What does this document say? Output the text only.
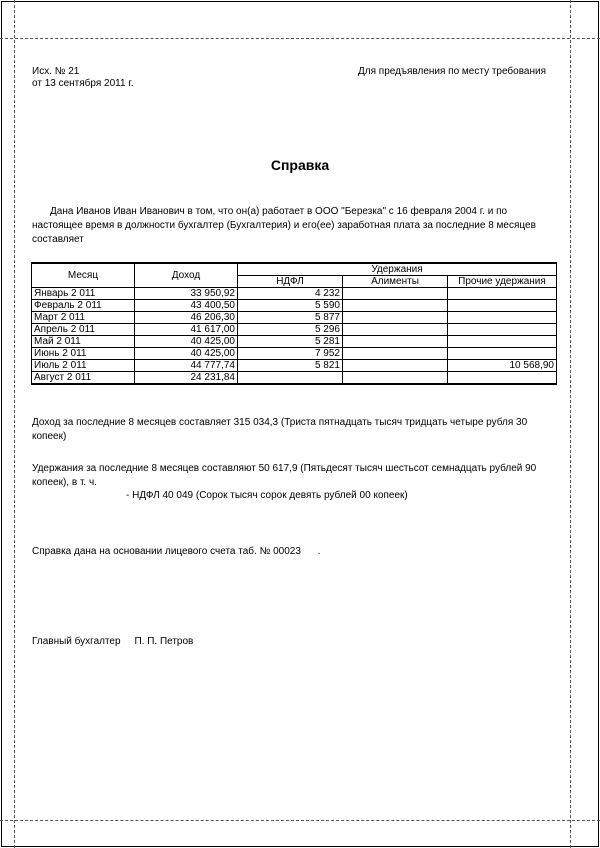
Исх. № 21
от 13 сентября 2011 г.
Для предъявления по месту требования
Справка
Дана Иванов Иван Иванович в том, что он(а) работает в ООО "Березка" с 16 февраля 2004 г. и по настоящее время в должности бухгалтер (Бухгалтерия) и его(ее) заработная плата за последние 8 месяцев составляет
Месяц	Доход	Удержания		
		НДФЛ	Алименты	Прочие удержания
Январь 2 011	33 950,92	4 232		
Февраль 2 011	43 400,50	5 590		
Март 2 011	46 206,30	5 877		
Апрель 2 011	41 617,00	5 296		
Май 2 011	40 425,00	5 281		
Июнь 2 011	40 425,00	7 952		
Июль 2 011	44 777,74	5 821		10 568,90
Август 2 011	24 231,84			
Доход за последние 8 месяцев составляет 315 034,3 (Триста пятнадцать тысяч тридцать четыре рубля 30 копеек)
Удержания за последние 8 месяцев составляют 50 617,9 (Пятьдесят тысяч шестьсот семнадцать рублей 90 копеек), в т. ч.
- НДФЛ 40 049 (Сорок тысяч сорок девять рублей 00 копеек)
Справка дана на основании лицевого счета таб. № 00023      .
Главный бухгалтер     П. П. Петров
